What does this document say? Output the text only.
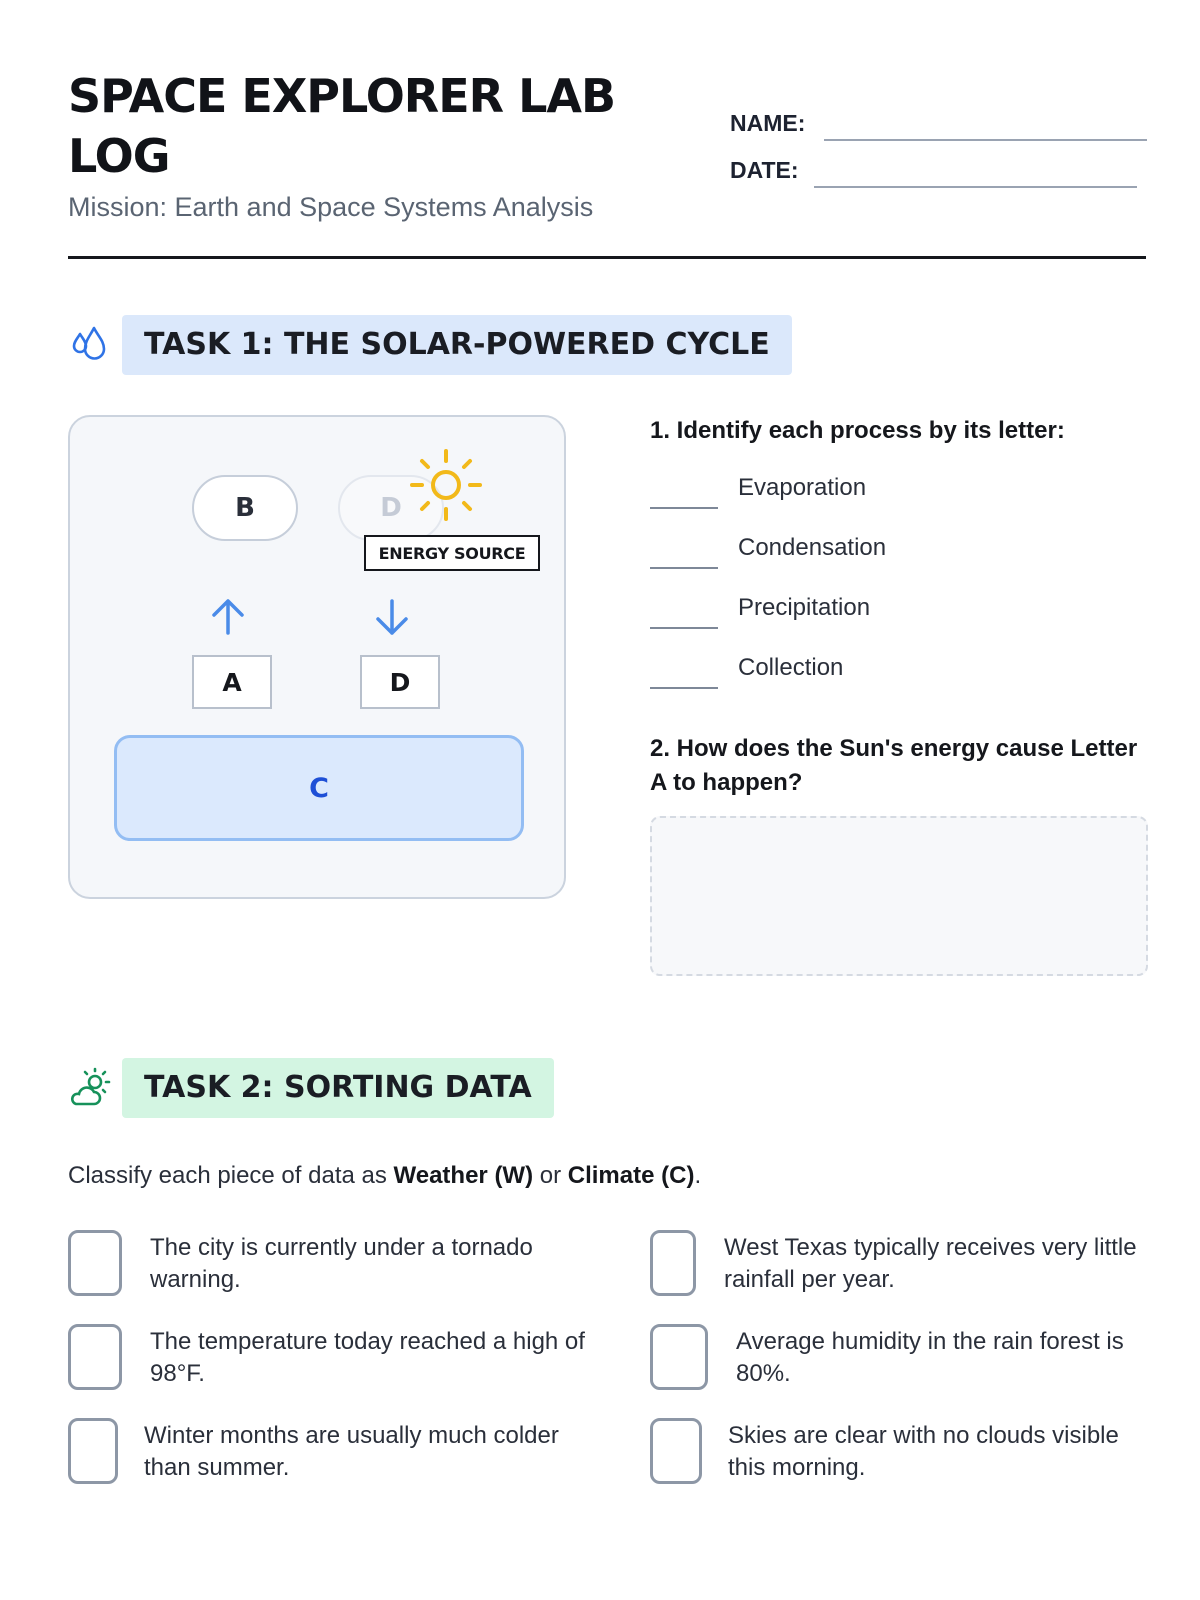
SPACE EXPLORER LAB LOG
Mission: Earth and Space Systems Analysis
NAME:
DATE:
TASK 1: THE SOLAR-POWERED CYCLE
B	D
ENERGY SOURCE
A	D
C
1. Identify each process by its letter:
Evaporation
Condensation
Precipitation
Collection
2. How does the Sun's energy cause Letter A to happen?
TASK 2: SORTING DATA
Classify each piece of data as Weather (W) or Climate (C).
The city is currently under a tornado warning.
West Texas typically receives very little rainfall per year.
The temperature today reached a high of 98°F.
Average humidity in the rain forest is 80%.
Winter months are usually much colder than summer.
Skies are clear with no clouds visible this morning.
